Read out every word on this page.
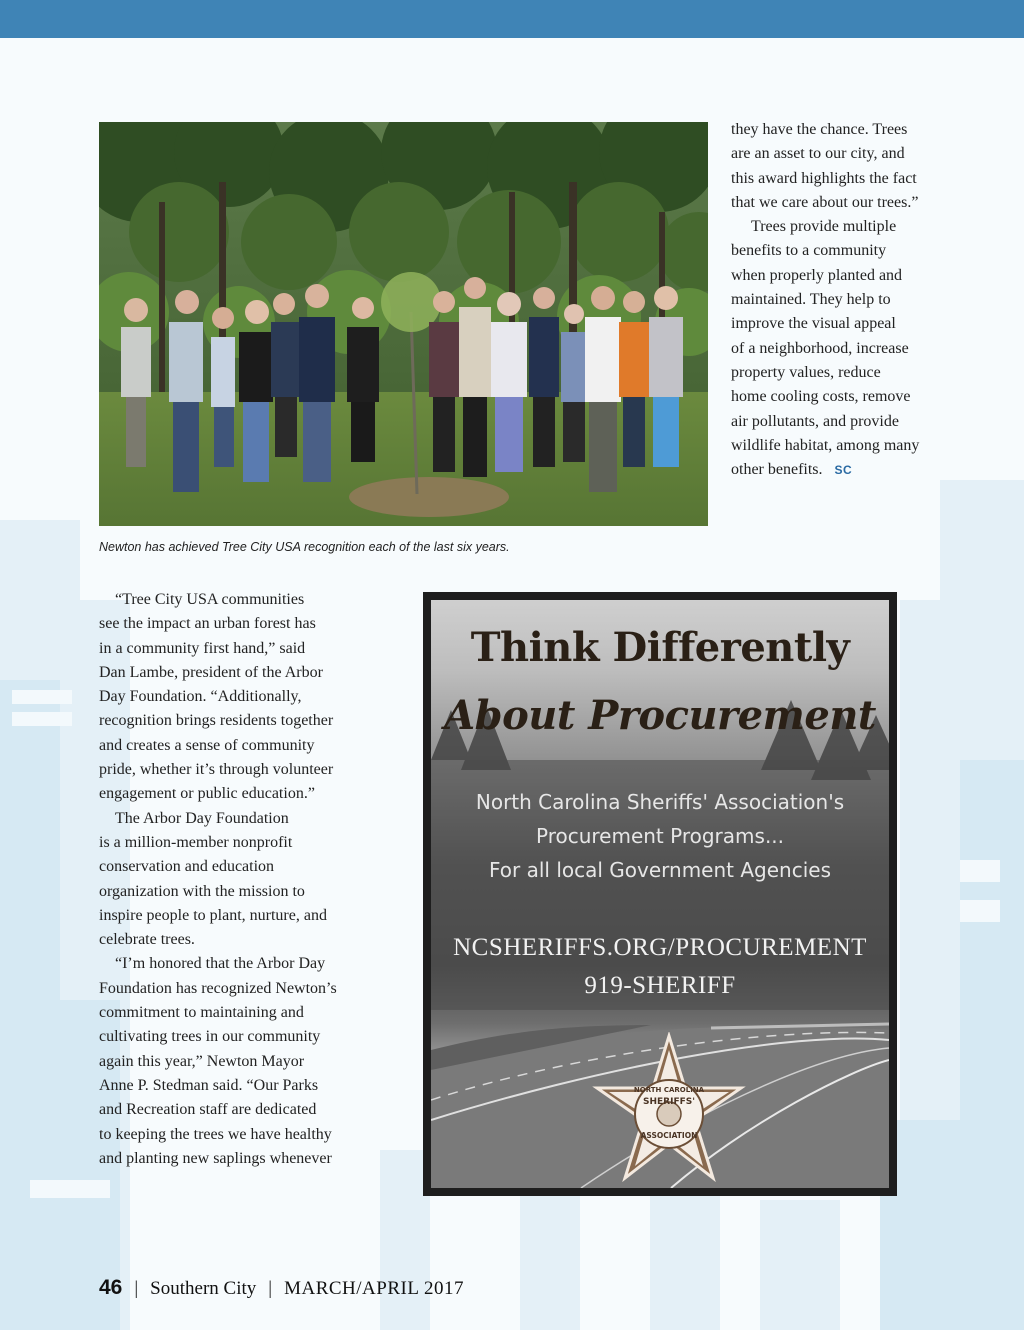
Newton has achieved Tree City USA recognition each of the last six years.

they have the chance. Trees
are an asset to our city, and
this award highlights the fact
that we care about our trees.”

Trees provide multiple
benefits to a community
when properly planted and
maintained. They help to
improve the visual appeal
of a neighborhood, increase
property values, reduce
home cooling costs, remove
air pollutants, and provide
wildlife habitat, among many
other benefits. SC

“Tree City USA communities
see the impact an urban forest has
in a community first hand,” said
Dan Lambe, president of the Arbor
Day Foundation. “Additionally,
recognition brings residents together
and creates a sense of community
pride, whether it’s through volunteer
engagement or public education.”

The Arbor Day Foundation
is a million-member nonprofit
conservation and education
organization with the mission to
inspire people to plant, nurture, and
celebrate trees.

“I’m honored that the Arbor Day
Foundation has recognized Newton’s
commitment to maintaining and
cultivating trees in our community
again this year,” Newton Mayor
Anne P. Stedman said. “Our Parks
and Recreation staff are dedicated
to keeping the trees we have healthy
and planting new saplings whenever

Think Differently
About Procurement
North Carolina Sheriffs' Association's
Procurement Programs...
For all local Government Agencies
NCSHERIFFS.ORG/PROCUREMENT
919-SHERIFF
NORTH CAROLINA
SHERIFFS'
ASSOCIATION
46 | Southern City | MARCH/APRIL 2017
